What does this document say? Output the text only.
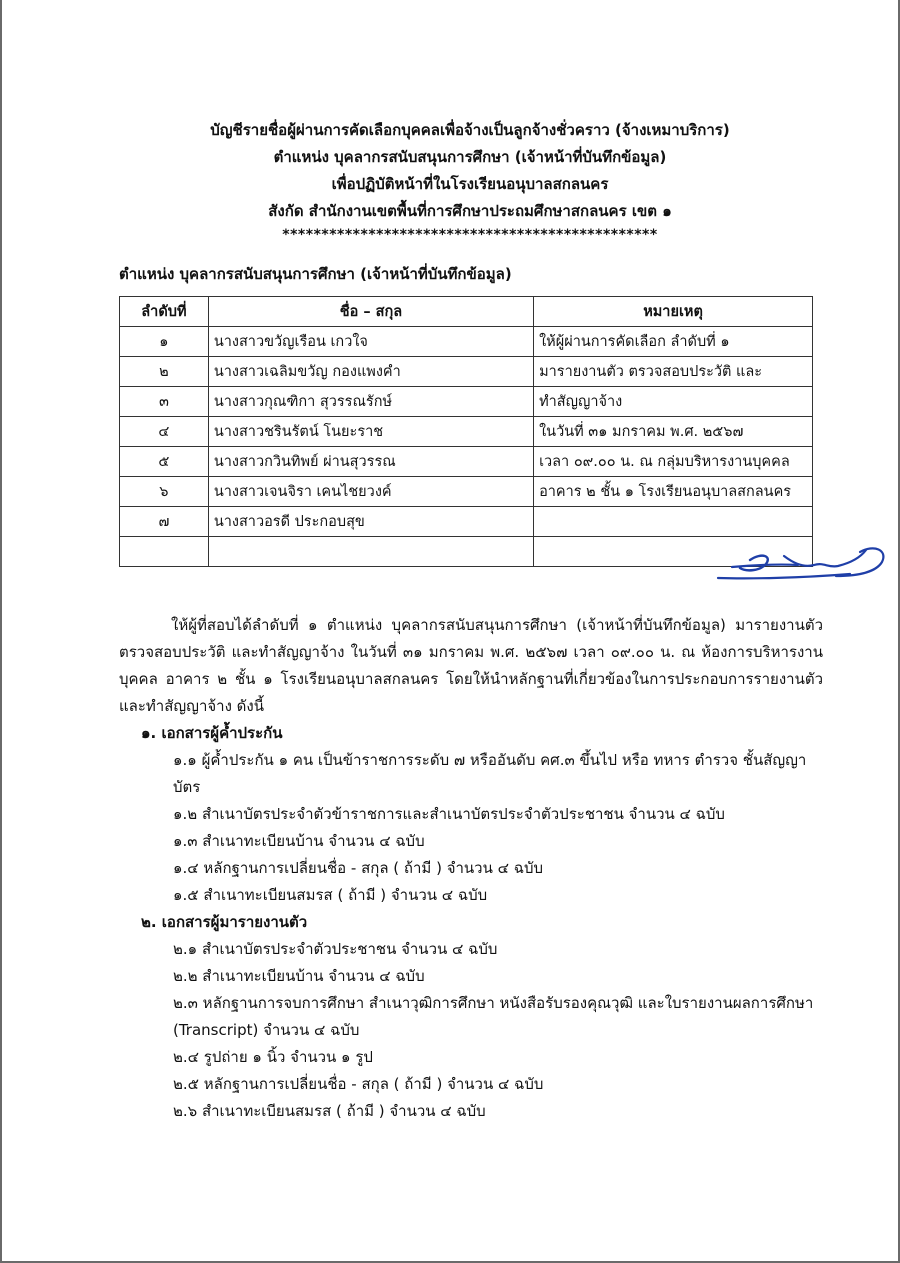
บัญชีรายชื่อผู้ผ่านการคัดเลือกบุคคลเพื่อจ้างเป็นลูกจ้างชั่วคราว (จ้างเหมาบริการ)
ตำแหน่ง บุคลากรสนับสนุนการศึกษา (เจ้าหน้าที่บันทึกข้อมูล)
เพื่อปฏิบัติหน้าที่ในโรงเรียนอนุบาลสกลนคร
สังกัด สำนักงานเขตพื้นที่การศึกษาประถมศึกษาสกลนคร เขต ๑
************************************************
ตำแหน่ง บุคลากรสนับสนุนการศึกษา (เจ้าหน้าที่บันทึกข้อมูล)
ลำดับที่	ชื่อ – สกุล	หมายเหตุ
๑	นางสาวขวัญเรือน เกวใจ	ให้ผู้ผ่านการคัดเลือก ลำดับที่ ๑
๒	นางสาวเฉลิมขวัญ กองแพงคำ	มารายงานตัว ตรวจสอบประวัติ และ
๓	นางสาวกุณฑิกา สุวรรณรักษ์	ทำสัญญาจ้าง
๔	นางสาวชรินรัตน์ โนยะราช	ในวันที่ ๓๑ มกราคม พ.ศ. ๒๕๖๗
๕	นางสาวกวินทิพย์ ผ่านสุวรรณ	เวลา ๐๙.๐๐ น. ณ กลุ่มบริหารงานบุคคล
๖	นางสาวเจนจิรา เคนไชยวงค์	อาคาร ๒ ชั้น ๑ โรงเรียนอนุบาลสกลนคร
๗	นางสาวอรดี ประกอบสุข	

ให้ผู้ที่สอบได้ลำดับที่ ๑ ตำแหน่ง บุคลากรสนับสนุนการศึกษา (เจ้าหน้าที่บันทึกข้อมูล) มารายงานตัว ตรวจสอบประวัติ และทำสัญญาจ้าง ในวันที่ ๓๑ มกราคม พ.ศ. ๒๕๖๗ เวลา ๐๙.๐๐ น. ณ ห้องการบริหารงานบุคคล อาคาร ๒ ชั้น ๑ โรงเรียนอนุบาลสกลนคร โดยให้นำหลักฐานที่เกี่ยวข้องในการประกอบการรายงานตัวและทำสัญญาจ้าง ดังนี้
๑. เอกสารผู้ค้ำประกัน
๑.๑ ผู้ค้ำประกัน ๑ คน เป็นข้าราชการระดับ ๗ หรืออันดับ คศ.๓ ขึ้นไป หรือ ทหาร ตำรวจ ชั้นสัญญาบัตร
๑.๒ สำเนาบัตรประจำตัวข้าราชการและสำเนาบัตรประจำตัวประชาชน จำนวน ๔ ฉบับ
๑.๓ สำเนาทะเบียนบ้าน จำนวน ๔ ฉบับ
๑.๔ หลักฐานการเปลี่ยนชื่อ - สกุล ( ถ้ามี ) จำนวน ๔ ฉบับ
๑.๕ สำเนาทะเบียนสมรส ( ถ้ามี ) จำนวน ๔ ฉบับ
๒. เอกสารผู้มารายงานตัว
๒.๑ สำเนาบัตรประจำตัวประชาชน จำนวน ๔ ฉบับ
๒.๒ สำเนาทะเบียนบ้าน จำนวน ๔ ฉบับ
๒.๓ หลักฐานการจบการศึกษา สำเนาวุฒิการศึกษา หนังสือรับรองคุณวุฒิ และใบรายงานผลการศึกษา (Transcript) จำนวน ๔ ฉบับ
๒.๔ รูปถ่าย ๑ นิ้ว จำนวน ๑ รูป
๒.๕ หลักฐานการเปลี่ยนชื่อ - สกุล ( ถ้ามี ) จำนวน ๔ ฉบับ
๒.๖ สำเนาทะเบียนสมรส ( ถ้ามี ) จำนวน ๔ ฉบับ
